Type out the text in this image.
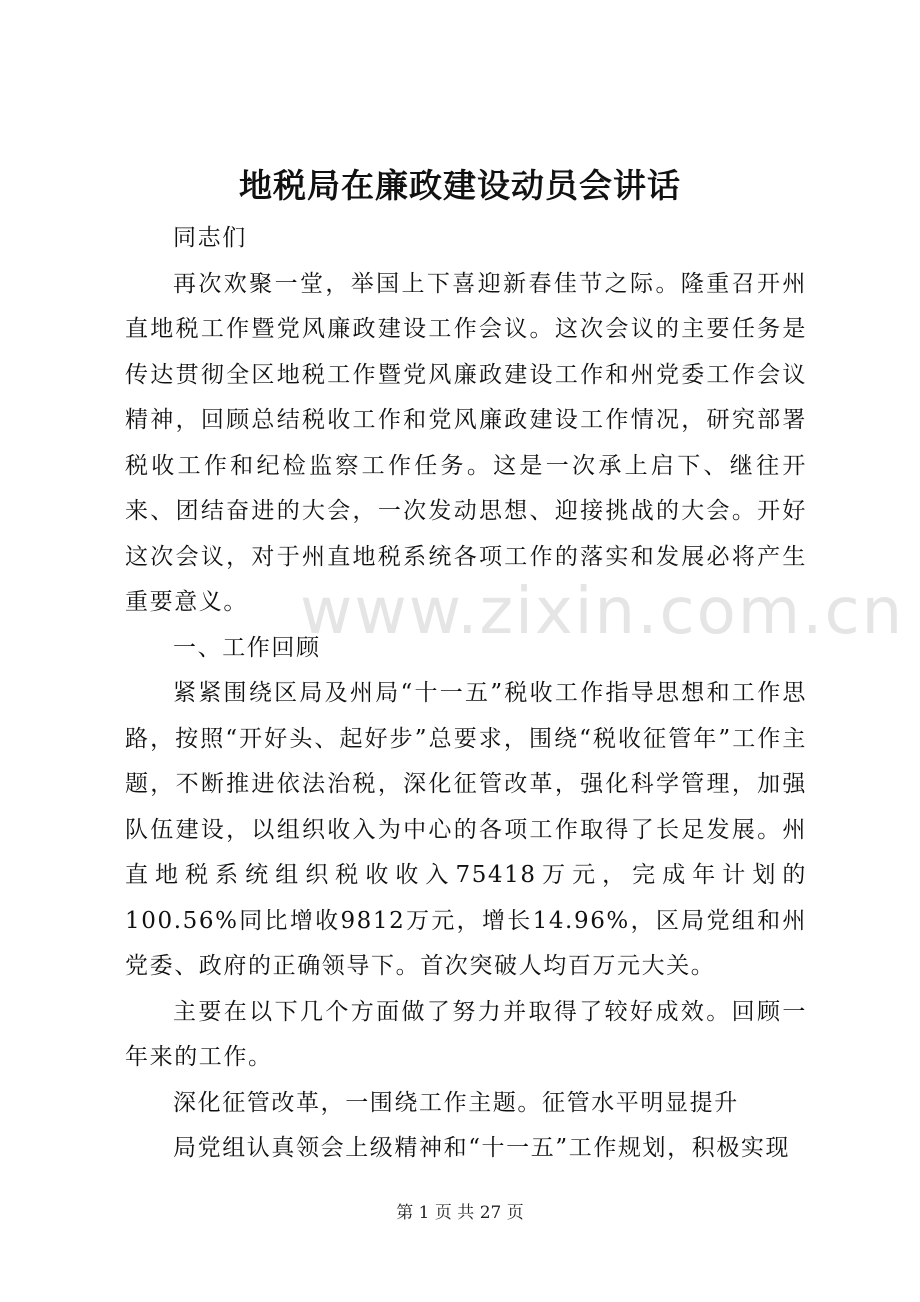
地税局在廉政建设动员会讲话

同志们

再次欢聚一堂，举国上下喜迎新春佳节之际。隆重召开州直地税工作暨党风廉政建设工作会议。这次会议的主要任务是传达贯彻全区地税工作暨党风廉政建设工作和州党委工作会议精神，回顾总结税收工作和党风廉政建设工作情况，研究部署税收工作和纪检监察工作任务。这是一次承上启下、继往开来、团结奋进的大会，一次发动思想、迎接挑战的大会。开好这次会议，对于州直地税系统各项工作的落实和发展必将产生重要意义。

一、工作回顾

紧紧围绕区局及州局“十一五”税收工作指导思想和工作思路，按照“开好头、起好步”总要求，围绕“税收征管年”工作主题，不断推进依法治税，深化征管改革，强化科学管理，加强队伍建设，以组织收入为中心的各项工作取得了长足发展。州直地税系统组织税收收入75418万元，完成年计划的100.56%同比增收9812万元，增长14.96%，区局党组和州党委、政府的正确领导下。首次突破人均百万元大关。

主要在以下几个方面做了努力并取得了较好成效。回顾一年来的工作。

深化征管改革，一围绕工作主题。征管水平明显提升

局党组认真领会上级精神和“十一五”工作规划，积极实现

www.zixin.com.cn
第 1 页 共 27 页
